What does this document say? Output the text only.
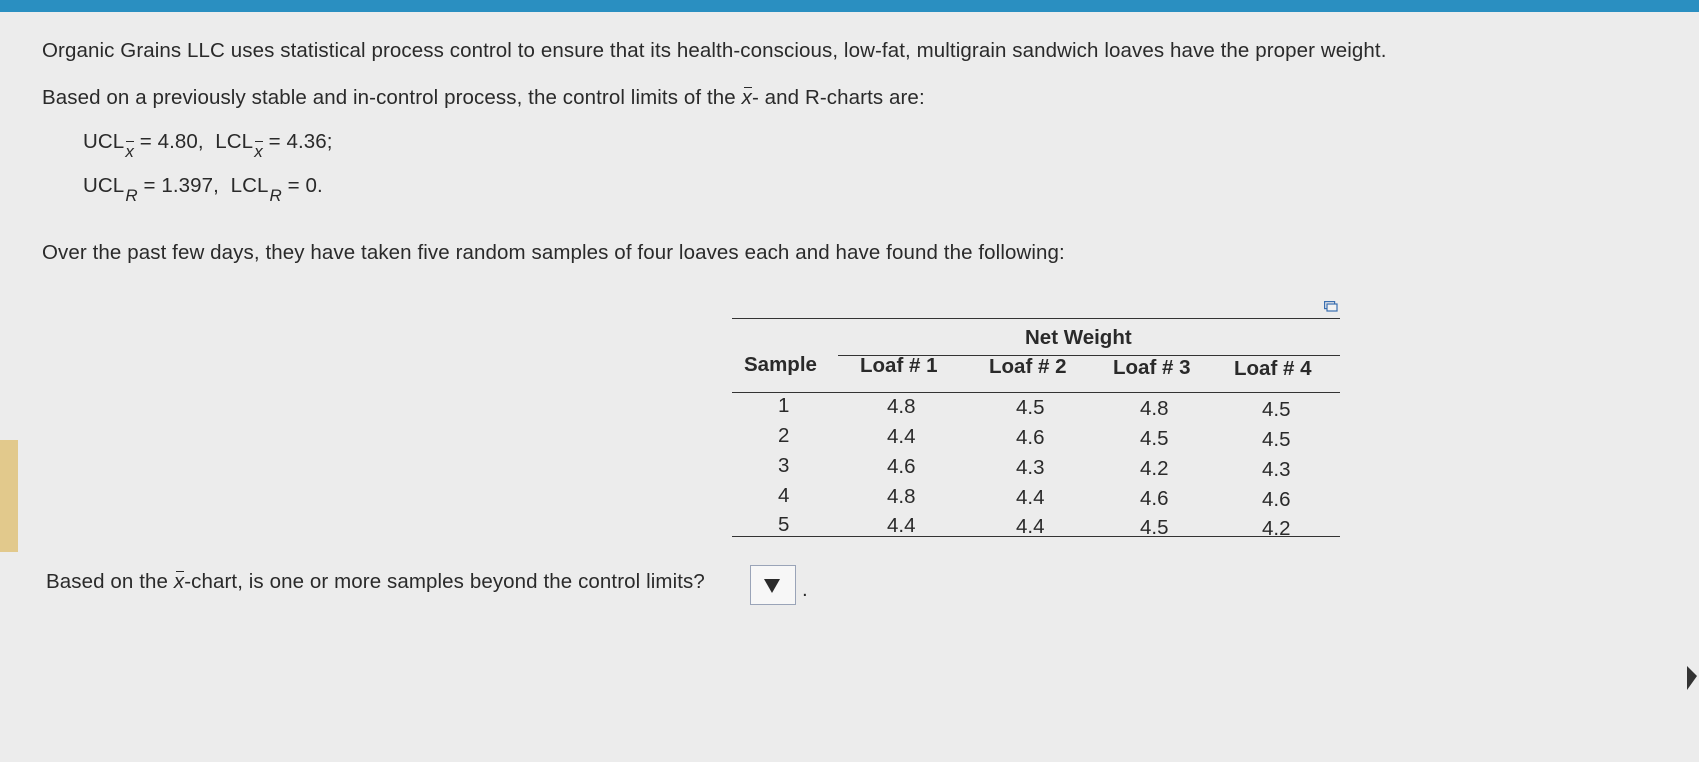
Organic Grains LLC uses statistical process control to ensure that its health-conscious, low-fat, multigrain sandwich loaves have the proper weight.
Based on a previously stable and in-control process, the control limits of the x- and R-charts are:
$UCL_x = 4.80$, $LCL_x = 4.36$;
$UCL_R = 1.397$, $LCL_R = 0$.
Over the past few days, they have taken five random samples of four loaves each and have found the following:
Net Weight
Sample Loaf # 1	Loaf # 2 Loaf # 3 Loaf # 4
1	4.8	4.5	4.8	4.5
2	4.4	4.6	4.5	4.5
3	4.6	4.3	4.2	4.3
4	4.8	4.4	4.6	4.6
5	4.4	4.4	4.5	4.2
Based on the x-chart, is one or more samples beyond the control limits?	.
